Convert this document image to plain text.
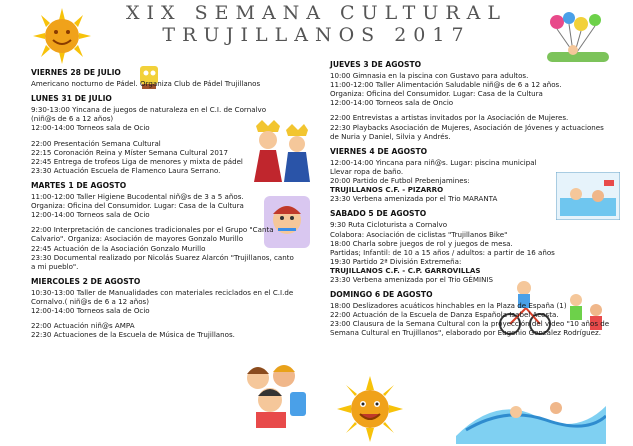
XIX SEMANA CULTURAL
TRUJILLANOS 2017
VIERNES 28 DE JULIO
Americano nocturno de Pádel. Organiza Club de Pádel Trujillanos
LUNES 31 DE JULIO
9:30-13:00 Yincana de juegos de naturaleza en el C.I. de Cornalvo
(niñ@s de 6 a 12 años)
12:00-14:00 Torneos sala de Ocio
22:00 Presentación Semana Cultural
22:15 Coronación Reina y Míster Semana Cultural 2017
22:45 Entrega de trofeos Liga de menores y mixta de pádel
23:30 Actuación Escuela de Flamenco Laura Serrano.
MARTES 1 DE AGOSTO
11:00-12:00 Taller Higiene Bucodental niñ@s de 3 a 5 años.
Organiza: Oficina del Consumidor. Lugar: Casa de la Cultura
12:00-14:00 Torneos sala de Ocio
22:00 Interpretación de canciones tradicionales por el Grupo "Canta
Calvario". Organiza: Asociación de mayores Gonzalo Murillo
22:45 Actuación de la Asociación Gonzalo Murillo
23:30 Documental realizado por Nicolás Suarez Alarcón "Trujillanos, canto
a mi pueblo".
MIERCOLES 2 DE AGOSTO
10:30-13:00 Taller de Manualidades con materiales reciclados en el C.I.de
Cornalvo.( niñ@s de 6 a 12 años)
12:00-14:00 Torneos sala de Ocio
22:00 Actuación niñ@s AMPA
22:30 Actuaciones de la Escuela de Música de Trujillanos.
JUEVES 3 DE AGOSTO
10:00 Gimnasia en la piscina con Gustavo para adultos.
11:00-12:00 Taller Alimentación Saludable niñ@s de 6 a 12 años.
Organiza: Oficina del Consumidor. Lugar: Casa de la Cultura
12:00-14:00 Torneos sala de Oncio
22:00 Entrevistas a artistas invitados por la Asociación de Mujeres.
22:30 Playbacks Asociación de Mujeres, Asociación de Jóvenes y actuaciones
de Nuria y Daniel, Silvia y Andrés.
VIERNES 4 DE AGOSTO
12:00-14:00 Yincana para niñ@s. Lugar: piscina municipal
Llevar ropa de baño.
20:00 Partido de Futbol Prebenjamines:
TRUJILLANOS C.F. - PIZARRO
23:30 Verbena amenizada por el Trio MARANTA
SABADO 5 DE AGOSTO
9:30 Ruta Cicloturista a Cornalvo
Colabora: Asociación de ciclistas "Trujillanos Bike"
18:00 Charla sobre juegos de rol y juegos de mesa.
Partidas; Infantil: de 10 a 15 años / adultos: a partir de 16 años
19:30 Partido 2ª División Extremeña:
TRUJILLANOS C.F. - C.P. GARROVILLAS
23:30 Verbena amenizada por el Trio GÉMINIS
DOMINGO 6 DE AGOSTO
18:00 Deslizadores acuáticos hinchables en la Plaza de España (1)
22:00 Actuación de la Escuela de Danza Española Isabel Acosta.
23:00 Clausura de la Semana Cultural con la proyección del video "10 años de
Semana Cultural en Trujillanos", elaborado por Eugenio González Rodríguez.
